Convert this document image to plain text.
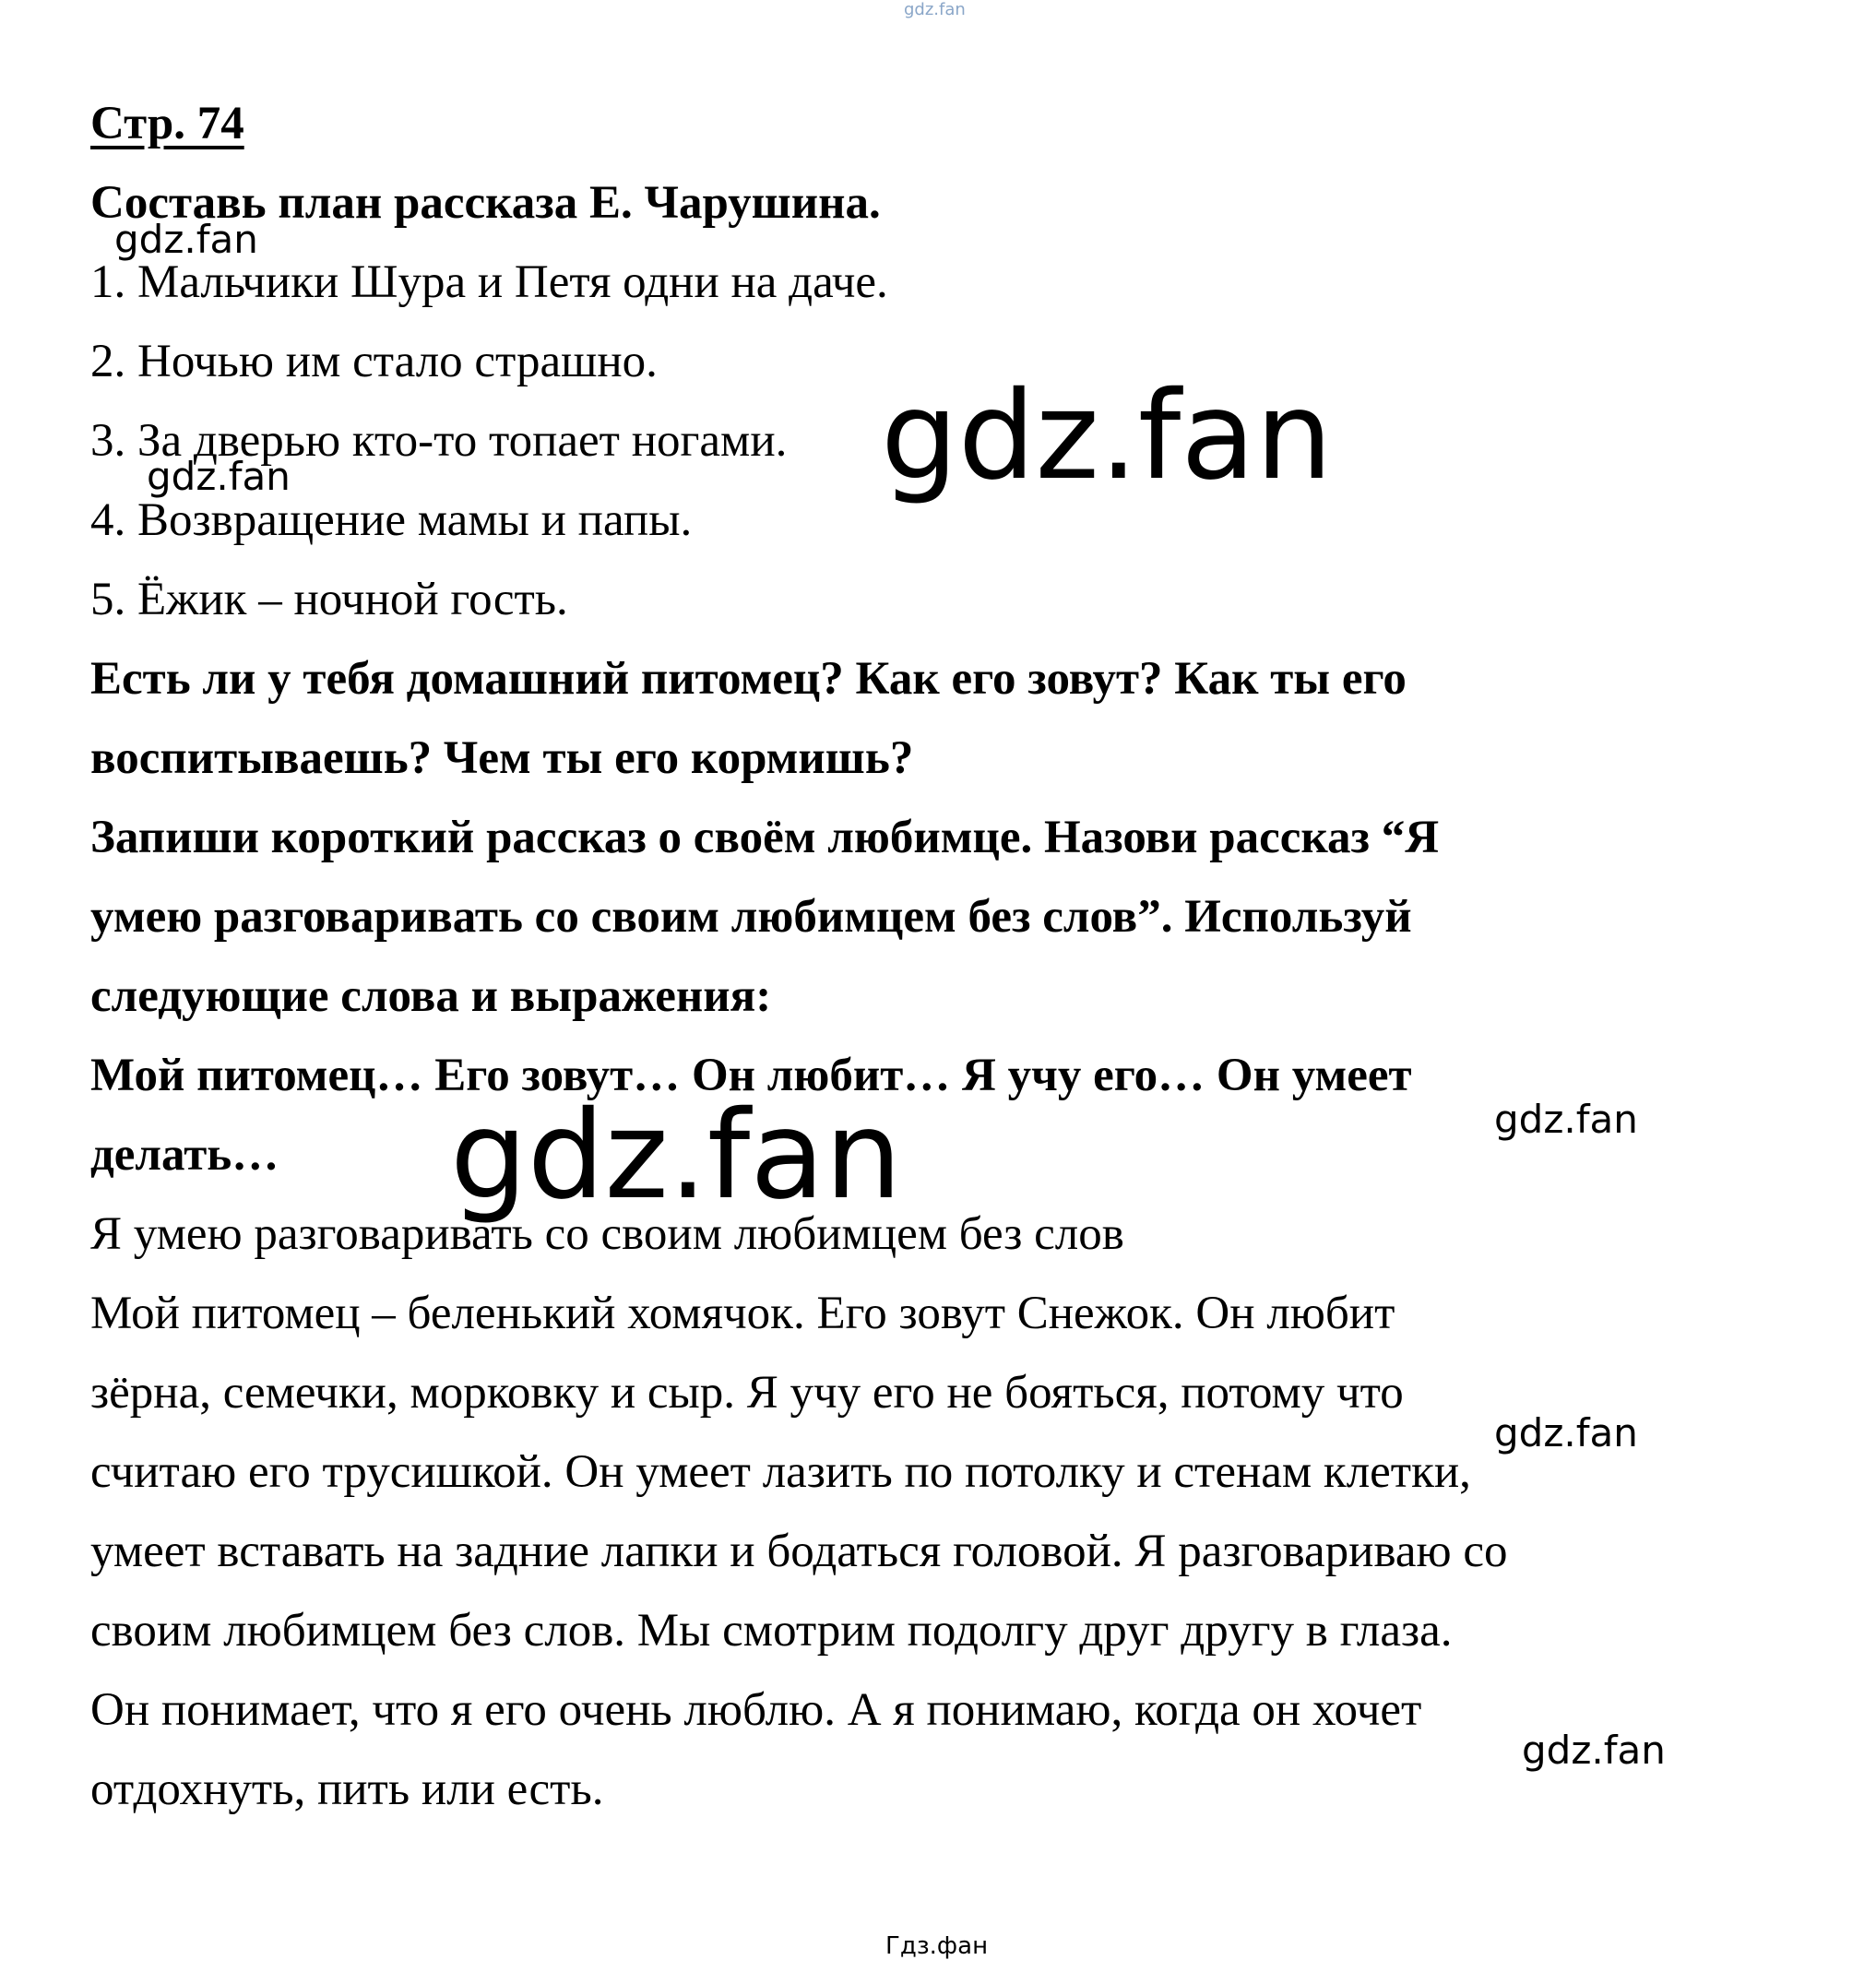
gdz.fan
Стр. 74
Составь план рассказа Е. Чарушина.
gdz.fan
1. Мальчики Шура и Петя одни на даче.
2. Ночью им стало страшно.
3. За дверью кто-то топает ногами. gdz.fan
gdz.fan
4. Возвращение мамы и папы.
5. Ёжик – ночной гость.
Есть ли у тебя домашний питомец? Как его зовут? Как ты его
воспитываешь? Чем ты его кормишь?
Запиши короткий рассказ о своём любимце. Назови рассказ “Я
умею разговаривать со своим любимцем без слов”. Используй
следующие слова и выражения:
Мой питомец… Его зовут… Он любит… Я учу его… Он умеет
gdz.fan
делать… gdz.fan
Я умею разговаривать со своим любимцем без слов
Мой питомец – беленький хомячок. Его зовут Снежок. Он любит
зёрна, семечки, морковку и сыр. Я учу его не бояться, потому что
gdz.fan
считаю его трусишкой. Он умеет лазить по потолку и стенам клетки,
умеет вставать на задние лапки и бодаться головой. Я разговариваю со
своим любимцем без слов. Мы смотрим подолгу друг другу в глаза.
Он понимает, что я его очень люблю. А я понимаю, когда он хочет
gdz.fan
отдохнуть, пить или есть.
Гдз.фан
